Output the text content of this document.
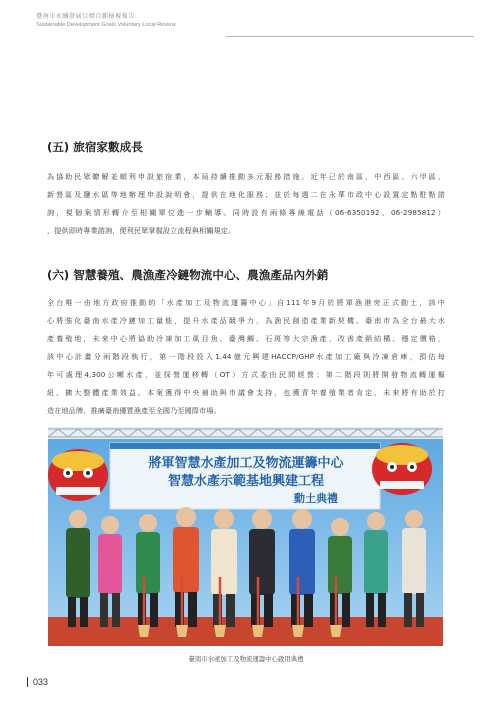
臺南市永續發展目標自願檢視報告
Sustainable Development Goals Voluntary Local Review
(五) 旅宿家數成長
為協助民眾瞭解並順利申設旅宿業，本局持續推動多元服務措施。近年已於南區、中西區、六甲區、
新營區及鹽水區等地辦理申設說明會，提供在地化服務；並於每週二在永華市政中心設置定點駐點諮
詢，視個案情形轉介至相關單位進一步輔導。同時設有兩條專線電話（06-6350192、06-2985812）
，提供即時專業諮詢，便利民眾掌握設立流程與相關規定。
(六) 智慧養殖、農漁產冷鏈物流中心、農漁產品內外銷
全台唯一由地方政府推動的「水產加工及物流運籌中心」自111年9月於將軍漁港旁正式動土，該中
心將強化臺南水產冷鏈加工量能，提升水產品競爭力，為漁民創造產業新契機。臺南市為全台最大水
產養殖地，未來中心將協助冷凍加工虱目魚、臺灣鯛、石斑等大宗漁產，改善產銷結構、穩定價格，
該中心計畫分兩階段執行，第一階段投入1.44億元興建HACCP/GHP水產加工廠與冷凍倉庫，預估每
年可處理4,300公噸水產，並採營運移轉（OT）方式委由民間經營；第二階段則將開發物流轉運樞
紐、擴大整體產業效益。本案獲得中央補助與市議會支持，也獲青年養殖業者肯定，未來將有助於打
造在地品牌、推廣臺南優質漁產至全國乃至國際市場。
將軍智慧水產加工及物流運籌中心
智慧水產示範基地興建工程
動土典禮
臺南市水產加工及物流運籌中心啟用典禮
033
